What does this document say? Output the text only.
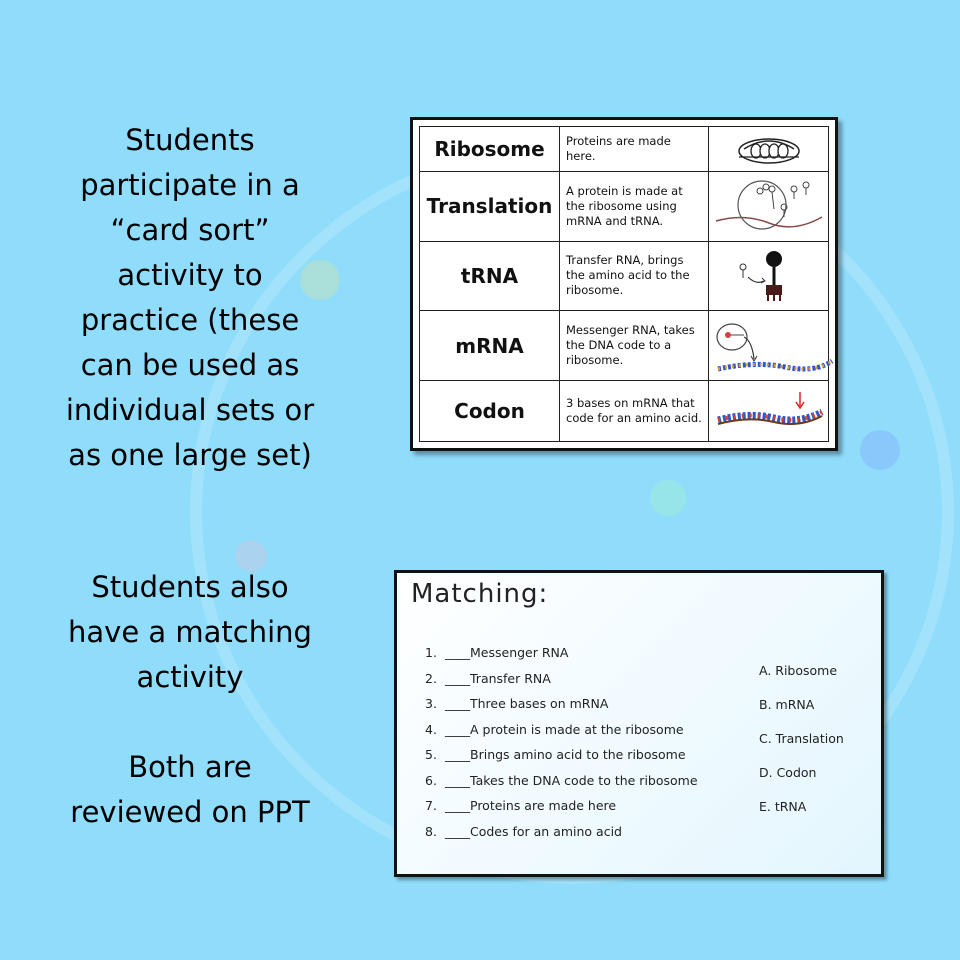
Students
participate in a
“card sort”
activity to
practice (these
can be used as
individual sets or
as one large set)

Students also
have a matching
activity

Both are
reviewed on PPT

Ribosome	Proteins are made here.	

Translation	A protein is made at the ribosome using mRNA and tRNA.	

tRNA	Transfer RNA, brings the amino acid to the ribosome.	

mRNA	Messenger RNA, takes the DNA code to a ribosome.	

Codon	3 bases on mRNA that code for an amino acid.	

Matching:

1. ____Messenger RNA
2. ____Transfer RNA
3. ____Three bases on mRNA
4. ____A protein is made at the ribosome
5. ____Brings amino acid to the ribosome
6. ____Takes the DNA code to the ribosome
7. ____Proteins are made here
8. ____Codes for an amino acid
A. Ribosome
B. mRNA
C. Translation
D. Codon
E. tRNA
